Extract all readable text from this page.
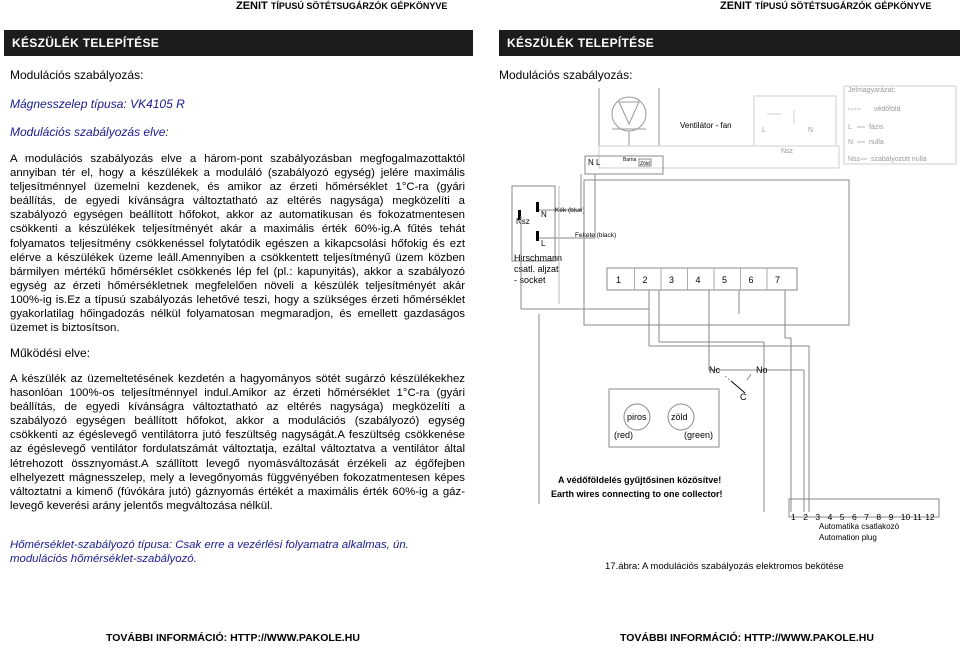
ZENIT TÍPUSÚ SÖTÉTSUGÁRZÓK GÉPKÖNYVE	ZENIT TÍPUSÚ SÖTÉTSUGÁRZÓK GÉPKÖNYVE
KÉSZÜLÉK TELEPÍTÉSE	KÉSZÜLÉK TELEPÍTÉSE
Modulációs szabályozás:
Mágnesszelep típusa: VK4105 R
Modulációs szabályozás elve:
A modulációs szabályozás elve a három-pont szabályozásban megfogalmazottaktól annyiban tér el, hogy a készülékek a moduláló (szabályozó egység) jelére maximális teljesítménnyel üzemelni kezdenek, és amikor az érzeti hőmérséklet 1°C-ra (gyári beállítás, de egyedi kívánságra változtatható az eltérés nagysága) megközelíti a szabályozó egységen beállított hőfokot, akkor az automatikusan és fokozatmentesen csökkenti a készülékek teljesítményét akár a maximális érték 60%-ig.A fűtés tehát folyamatos teljesítmény csökkenéssel folytatódik egészen a kikapcsolási hőfokig és ezt elérve a készülékek üzeme leáll.Amennyiben a csökkentett teljesítményű üzem közben bármilyen mértékű hőmérséklet csökkenés lép fel (pl.: kapunyitás), akkor a szabályozó egység az érzeti hőmérsékletnek megfelelően növeli a készülék teljesítményét akár 100%-ig is.Ez a típusú szabályozás lehetővé teszi, hogy a szükséges érzeti hőmérséklet gyakorlatilag hőingadozás nélkül folyamatosan megmaradjon, és emellett gazdaságos üzemet is biztosítson.
Működési elve:
A készülék az üzemeltetésének kezdetén a hagyományos sötét sugárzó készülékekhez hasonlóan 100%-os teljesítménnyel indul.Amikor az érzeti hőmérséklet 1°C-ra (gyári beállítás, de egyedi kívánságra változtatható az eltérés nagysága) megközelíti a szabályozó egységen beállított hőfokot, akkor a modulációs (szabályozó) egység csökkenti az égéslevegő ventilátorra jutó feszültség nagyságát.A feszültség csökkenése az égéslevegő ventilátor fordulatszámát változtatja, ezáltal változtatva a ventilátor által létrehozott össznyomást.A szállított levegő nyomásváltozását érzékeli az égőfejben elhelyezett mágnesszelep, mely a levegőnyomás függvényében fokozatmentesen képes változtatni a kimenő (fúvókára jutó) gáznyomás értékét a maximális érték 60%-ig a gáz-levegő keverési arány jelentős megváltozása nélkül.
Hőmérséklet-szabályozó típusa: Csak erre a vezérlési folyamatra alkalmas, ún. modulációs hőmérséklet-szabályozó.
Modulációs szabályozás:
Jelmagyarázat:
védőföld
L fázis
N nulla
Nsz szabályozott nulla
Ventilátor - fan
L	N
Nsz
N L	Barna
Zöld
Nsz
N
L
Hirschmann
csatl. aljzat
- socket
Kék (blue)
Fekete (black)
1 2 3 4 5 6 7
Nc	No
C
piros	zöld
(red)	(green)
A védőföldelés gyűjtősinen közösítve!
Earth wires connecting to one collector!
1 2 3 4 5 6 7 8 9 10 11 12
Automatika csatlakozó
Automation plug
17.ábra: A modulációs szabályozás elektromos bekötése
TOVÁBBI INFORMÁCIÓ: HTTP://WWW.PAKOLE.HU	TOVÁBBI INFORMÁCIÓ: HTTP://WWW.PAKOLE.HU
